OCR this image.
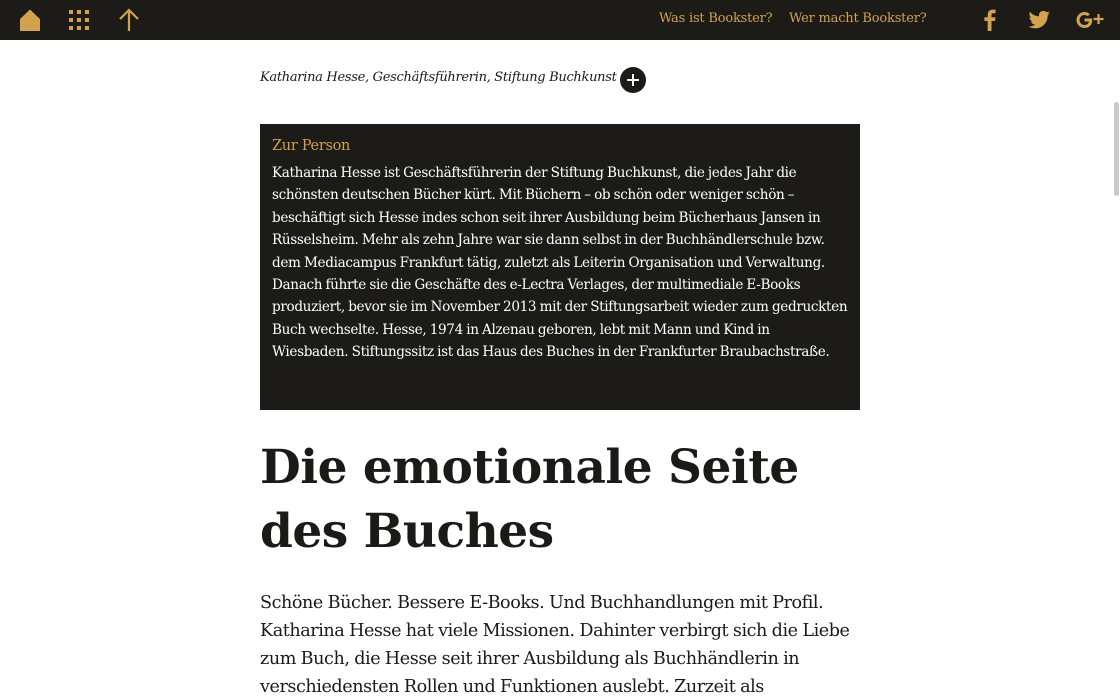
Was ist Bookster? Wer macht Bookster?
Katharina Hesse, Geschäftsführerin, Stiftung Buchkunst
Zur Person

Katharina Hesse ist Geschäftsführerin der Stiftung Buchkunst, die jedes Jahr die schönsten deutschen Bücher kürt. Mit Büchern – ob schön oder weniger schön – beschäftigt sich Hesse indes schon seit ihrer Ausbildung beim Bücherhaus Jansen in Rüsselsheim. Mehr als zehn Jahre war sie dann selbst in der Buchhändlerschule bzw. dem Mediacampus Frankfurt tätig, zuletzt als Leiterin Organisation und Verwaltung. Danach führte sie die Geschäfte des e-Lectra Verlages, der multimediale E-Books produziert, bevor sie im November 2013 mit der Stiftungsarbeit wieder zum gedruckten Buch wechselte. Hesse, 1974 in Alzenau geboren, lebt mit Mann und Kind in Wiesbaden. Stiftungssitz ist das Haus des Buches in der Frankfurter Braubachstraße.

Die emotionale Seite des Buches

Schöne Bücher. Bessere E-Books. Und Buchhandlungen mit Profil. Katharina Hesse hat viele Missionen. Dahinter verbirgt sich die Liebe zum Buch, die Hesse seit ihrer Ausbildung als Buchhändlerin in verschiedensten Rollen und Funktionen auslebt. Zurzeit als
